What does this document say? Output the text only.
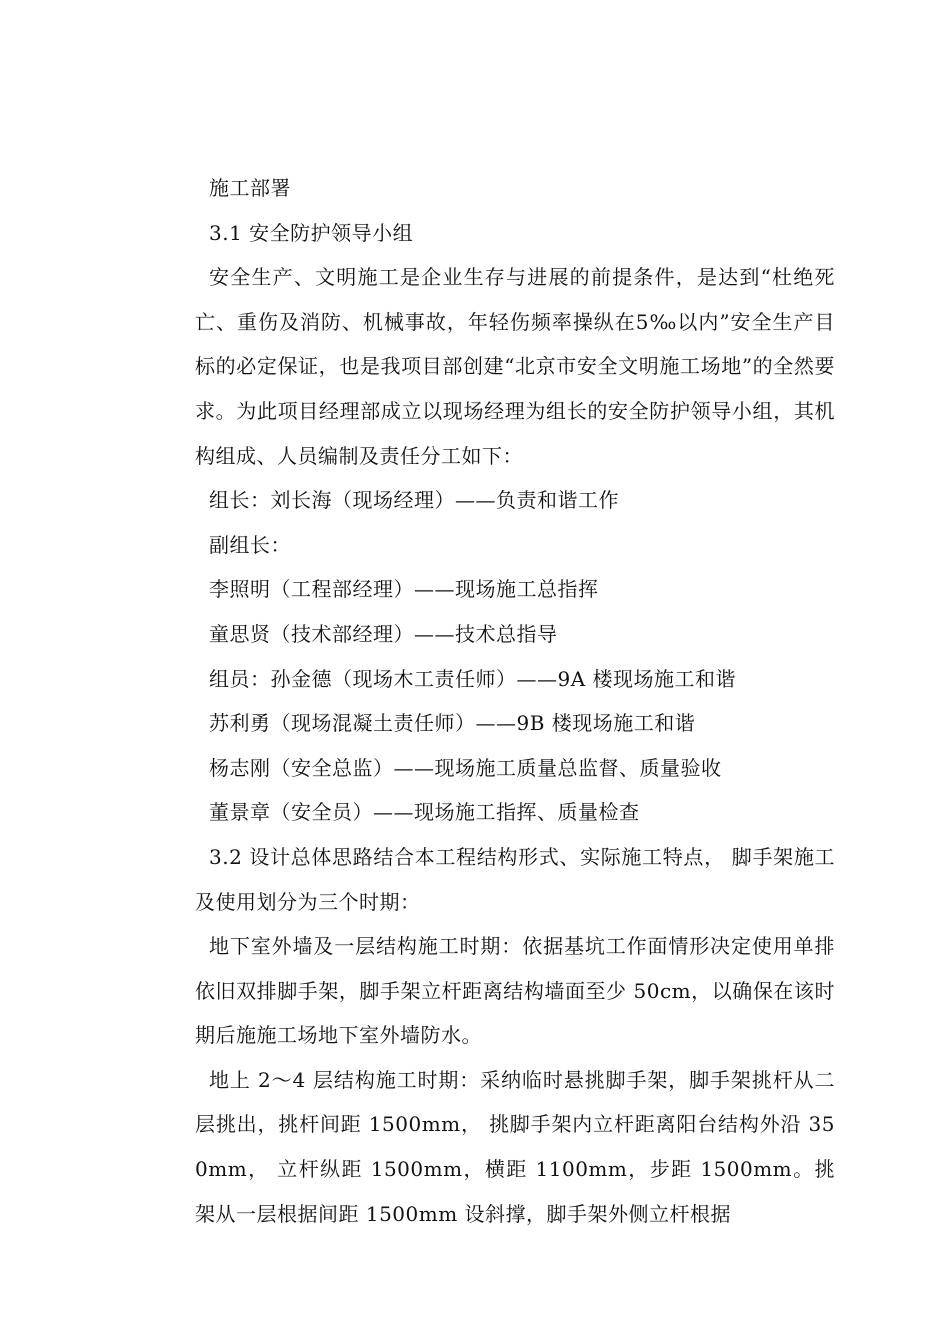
施工部署

3.1 安全防护领导小组

安全生产、文明施工是企业生存与进展的前提条件，是达到“杜绝死亡、重伤及消防、机械事故，年轻伤频率操纵在5‰以内”安全生产目标的必定保证，也是我项目部创建“北京市安全文明施工场地”的全然要求。为此项目经理部成立以现场经理为组长的安全防护领导小组，其机构组成、人员编制及责任分工如下：

组长：刘长海（现场经理）——负责和谐工作

副组长：

李照明（工程部经理）——现场施工总指挥

童思贤（技术部经理）——技术总指导

组员：孙金德（现场木工责任师）——9A 楼现场施工和谐

苏利勇（现场混凝土责任师）——9B 楼现场施工和谐

杨志刚（安全总监）——现场施工质量总监督、质量验收

董景章（安全员）——现场施工指挥、质量检查

3.2 设计总体思路结合本工程结构形式、实际施工特点， 脚手架施工及使用划分为三个时期：

地下室外墙及一层结构施工时期：依据基坑工作面情形决定使用单排依旧双排脚手架，脚手架立杆距离结构墙面至少 50cm，以确保在该时期后施施工场地下室外墙防水。

地上 2～4 层结构施工时期：采纳临时悬挑脚手架，脚手架挑杆从二层挑出，挑杆间距 1500mm， 挑脚手架内立杆距离阳台结构外沿 350mm， 立杆纵距 1500mm，横距 1100mm，步距 1500mm。挑架从一层根据间距 1500mm 设斜撑，脚手架外侧立杆根据
